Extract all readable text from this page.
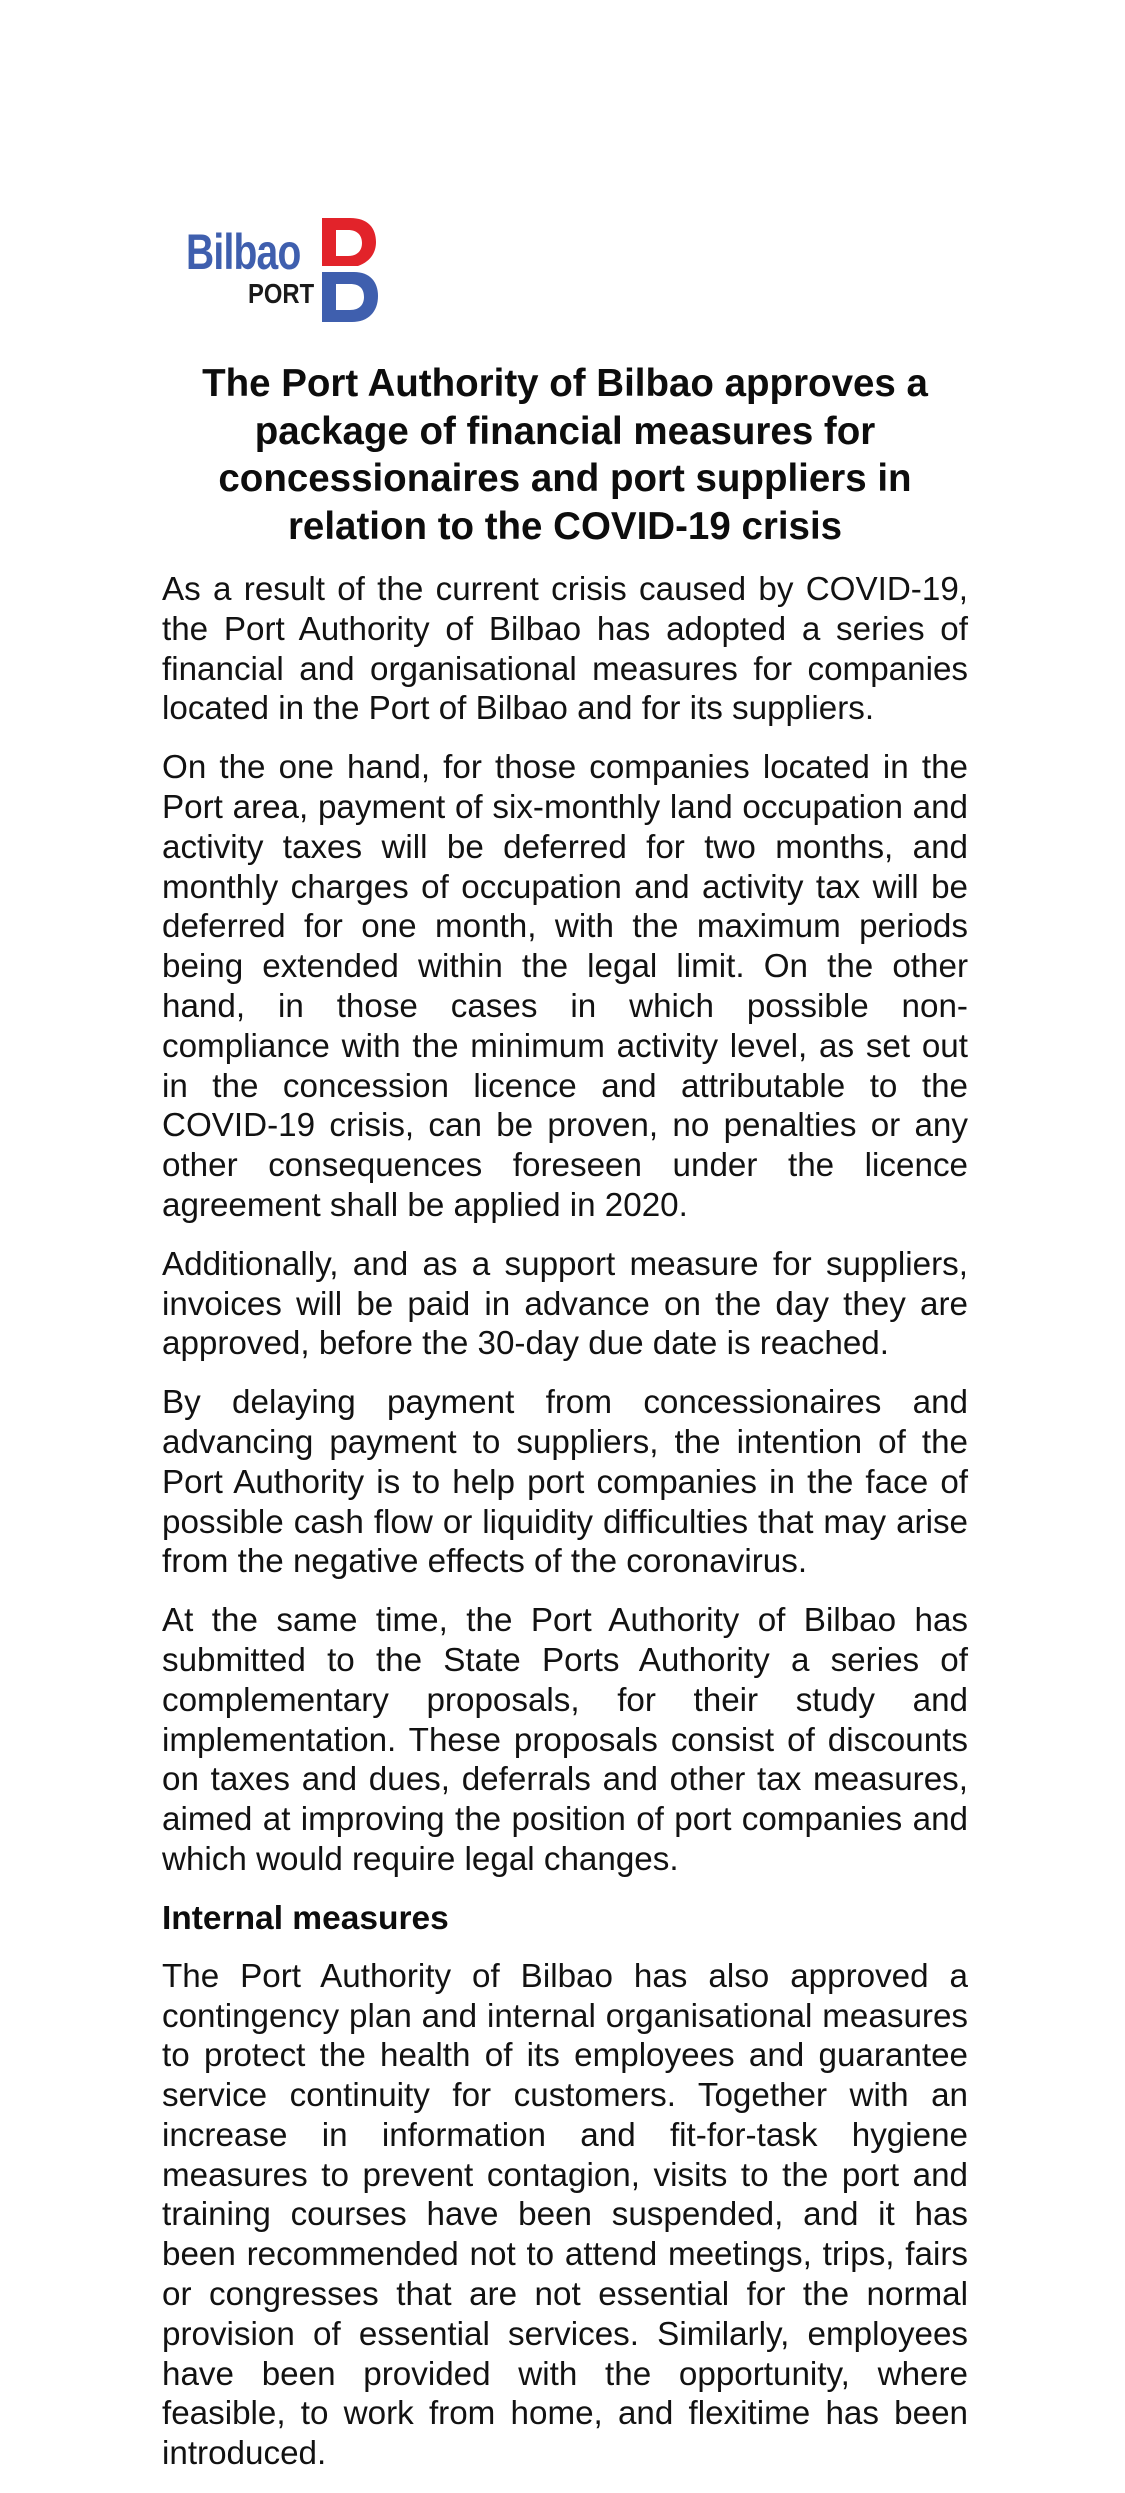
Bilbao
PORT
The Port Authority of Bilbao approves a package of financial measures for concessionaires and port suppliers in relation to the COVID-19 crisis

As a result of the current crisis caused by COVID-19, the Port Authority of Bilbao has adopted a series of financial and organisational measures for companies located in the Port of Bilbao and for its suppliers.

On the one hand, for those companies located in the Port area, payment of six-monthly land occupation and activity taxes will be deferred for two months, and monthly charges of occupation and activity tax will be deferred for one month, with the maximum periods being extended within the legal limit. On the other hand, in those cases in which possible non-compliance with the minimum activity level, as set out in the concession licence and attributable to the COVID-19 crisis, can be proven, no penalties or any other consequences foreseen under the licence agreement shall be applied in 2020.

Additionally, and as a support measure for suppliers, invoices will be paid in advance on the day they are approved, before the 30-day due date is reached.

By delaying payment from concessionaires and advancing payment to suppliers, the intention of the Port Authority is to help port companies in the face of possible cash flow or liquidity difficulties that may arise from the negative effects of the coronavirus.

At the same time, the Port Authority of Bilbao has submitted to the State Ports Authority a series of complementary proposals, for their study and implementation. These proposals consist of discounts on taxes and dues, deferrals and other tax measures, aimed at improving the position of port companies and which would require legal changes.

Internal measures

The Port Authority of Bilbao has also approved a contingency plan and internal organisational measures to protect the health of its employees and guarantee service continuity for customers. Together with an increase in information and fit-for-task hygiene measures to prevent contagion, visits to the port and training courses have been suspended, and it has been recommended not to attend meetings, trips, fairs or congresses that are not essential for the normal provision of essential services. Similarly, employees have been provided with the opportunity, where feasible, to work from home, and flexitime has been introduced.
